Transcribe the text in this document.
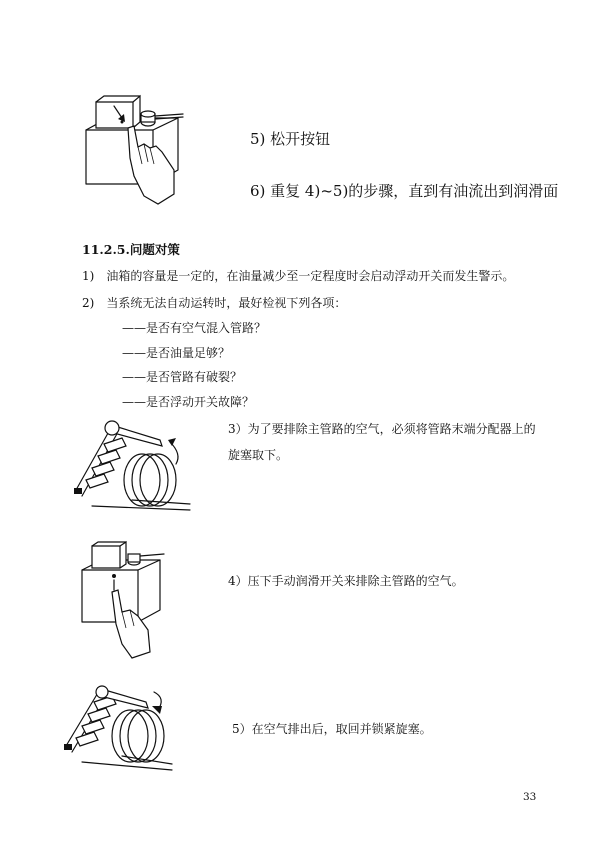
5) 松开按钮
6) 重复 4)~5)的步骤，直到有油流出到润滑面
11.2.5.问题对策
1)　油箱的容量是一定的，在油量减少至一定程度时会启动浮动开关而发生警示。
2)　当系统无法自动运转时，最好检视下列各项：
——是否有空气混入管路？
——是否油量足够？
——是否管路有破裂？
——是否浮动开关故障？
3）为了要排除主管路的空气，必须将管路末端分配器上的
旋塞取下。
4）压下手动润滑开关来排除主管路的空气。
5）在空气排出后，取回并锁紧旋塞。
33
